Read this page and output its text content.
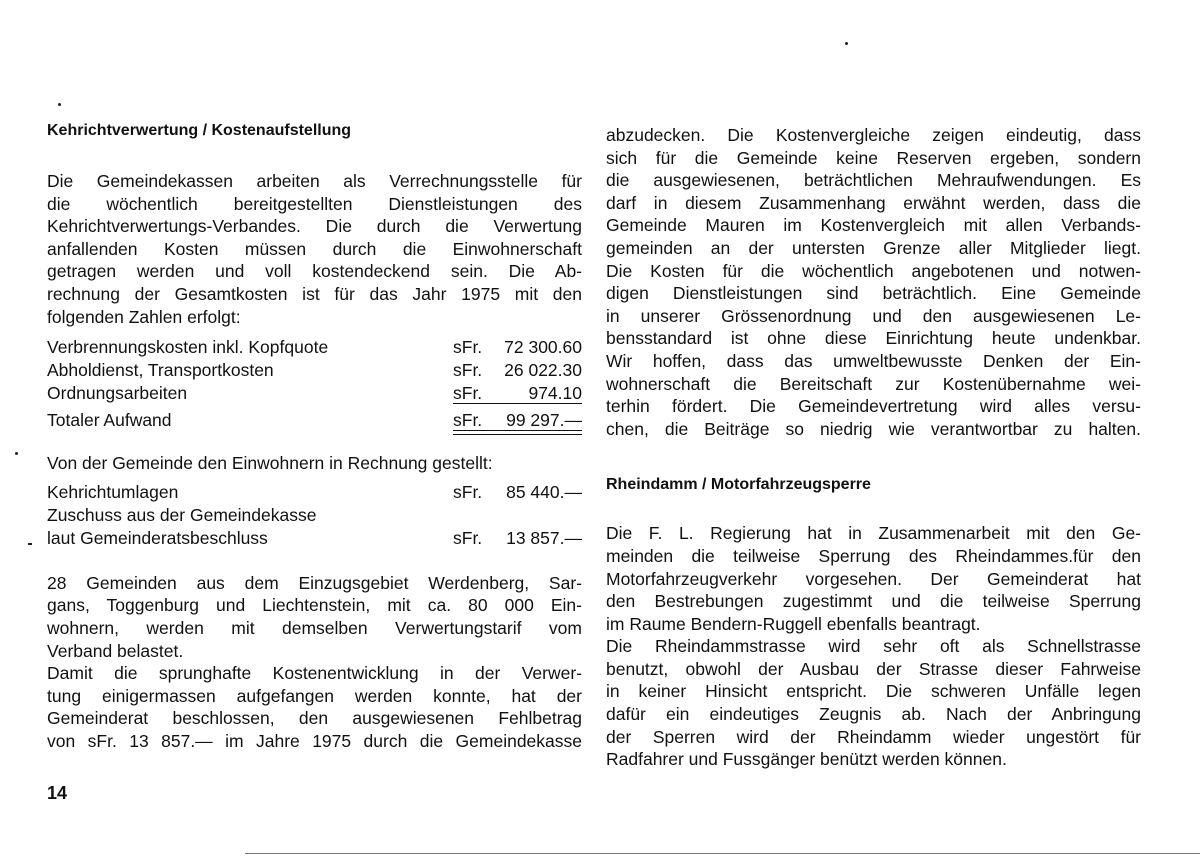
Kehrichtverwertung / Kostenaufstellung
Die Gemeindekassen arbeiten als Verrechnungsstelle für
die wöchentlich bereitgestellten Dienstleistungen des
Kehrichtverwertungs-Verbandes. Die durch die Verwertung
anfallenden Kosten müssen durch die Einwohnerschaft
getragen werden und voll kostendeckend sein. Die Ab-
rechnung der Gesamtkosten ist für das Jahr 1975 mit den
folgenden Zahlen erfolgt:
Verbrennungskosten inkl. Kopfquote	sFr. 72 300.60
Abholdienst, Transportkosten	sFr. 26 022.30
Ordnungsarbeiten	sFr.	974.10
Totaler Aufwand	sFr. 99 297.—
Von der Gemeinde den Einwohnern in Rechnung gestellt:
Kehrichtumlagen	sFr. 85 440.—
Zuschuss aus der Gemeindekasse
laut Gemeinderatsbeschluss	sFr. 13 857.—
28 Gemeinden aus dem Einzugsgebiet Werdenberg, Sar-
gans, Toggenburg und Liechtenstein, mit ca. 80 000 Ein-
wohnern, werden mit demselben Verwertungstarif vom
Verband belastet.
Damit die sprunghafte Kostenentwicklung in der Verwer-
tung einigermassen aufgefangen werden konnte, hat der
Gemeinderat beschlossen, den ausgewiesenen Fehlbetrag
von sFr. 13 857.— im Jahre 1975 durch die Gemeindekasse
abzudecken. Die Kostenvergleiche zeigen eindeutig, dass
sich für die Gemeinde keine Reserven ergeben, sondern
die ausgewiesenen, beträchtlichen Mehraufwendungen. Es
darf in diesem Zusammenhang erwähnt werden, dass die
Gemeinde Mauren im Kostenvergleich mit allen Verbands-
gemeinden an der untersten Grenze aller Mitglieder liegt.
Die Kosten für die wöchentlich angebotenen und notwen-
digen Dienstleistungen sind beträchtlich. Eine Gemeinde
in unserer Grössenordnung und den ausgewiesenen Le-
bensstandard ist ohne diese Einrichtung heute undenkbar.
Wir hoffen, dass das umweltbewusste Denken der Ein-
wohnerschaft die Bereitschaft zur Kostenübernahme wei-
terhin fördert. Die Gemeindevertretung wird alles versu-
chen, die Beiträge so niedrig wie verantwortbar zu halten.
Rheindamm / Motorfahrzeugsperre
Die F. L. Regierung hat in Zusammenarbeit mit den Ge-
meinden die teilweise Sperrung des Rheindammes.für den
Motorfahrzeugverkehr vorgesehen. Der Gemeinderat hat
den Bestrebungen zugestimmt und die teilweise Sperrung
im Raume Bendern-Ruggell ebenfalls beantragt.
Die Rheindammstrasse wird sehr oft als Schnellstrasse
benutzt, obwohl der Ausbau der Strasse dieser Fahrweise
in keiner Hinsicht entspricht. Die schweren Unfälle legen
dafür ein eindeutiges Zeugnis ab. Nach der Anbringung
der Sperren wird der Rheindamm wieder ungestört für
Radfahrer und Fussgänger benützt werden können.
14
